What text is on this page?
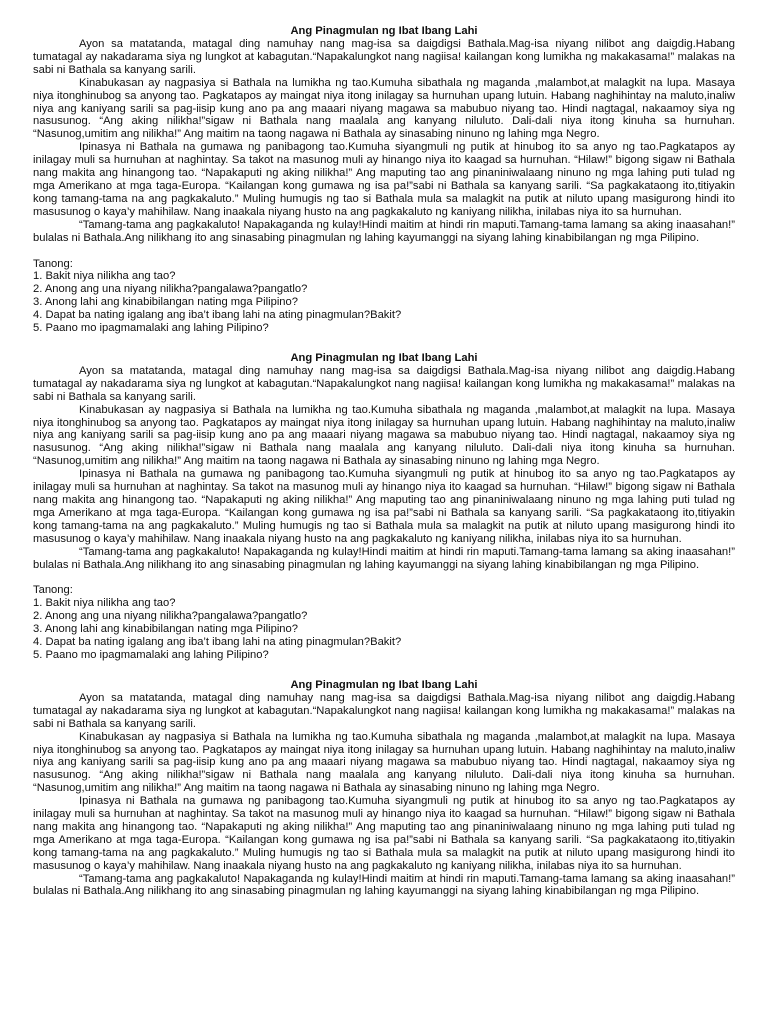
Ang Pinagmulan ng Ibat Ibang Lahi

Ayon sa matatanda, matagal ding namuhay nang mag-isa sa daigdigsi Bathala.Mag-isa niyang nilibot ang daigdig.Habang tumatagal ay nakadarama siya ng lungkot at kabagutan.“Napakalungkot nang nagiisa! kailangan kong lumikha ng makakasama!” malakas na sabi ni Bathala sa kanyang sarili.

Kinabukasan ay nagpasiya si Bathala na lumikha ng tao.Kumuha sibathala ng maganda ,malambot,at malagkit na lupa. Masaya niya itonghinubog sa anyong tao. Pagkatapos ay maingat niya itong inilagay sa hurnuhan upang lutuin. Habang naghihintay na maluto,inaliw niya ang kaniyang sarili sa pag-iisip kung ano pa ang maaari niyang magawa sa mabubuo niyang tao. Hindi nagtagal, nakaamoy siya ng nasusunog. “Ang aking nilikha!”sigaw ni Bathala nang maalala ang kanyang niluluto. Dali-dali niya itong kinuha sa hurnuhan. “Nasunog,umitim ang nilikha!” Ang maitim na taong nagawa ni Bathala ay sinasabing ninuno ng lahing mga Negro.

Ipinasya ni Bathala na gumawa ng panibagong tao.Kumuha siyangmuli ng putik at hinubog ito sa anyo ng tao.Pagkatapos ay inilagay muli sa hurnuhan at naghintay. Sa takot na masunog muli ay hinango niya ito kaagad sa hurnuhan. “Hilaw!” bigong sigaw ni Bathala nang makita ang hinangong tao. “Napakaputi ng aking nilikha!” Ang maputing tao ang pinaniniwalaang ninuno ng mga lahing puti tulad ng mga Amerikano at mga taga-Europa. “Kailangan kong gumawa ng isa pa!”sabi ni Bathala sa kanyang sarili. “Sa pagkakataong ito,titiyakin kong tamang-tama na ang pagkakaluto.” Muling humugis ng tao si Bathala mula sa malagkit na putik at niluto upang masigurong hindi ito masusunog o kaya’y mahihilaw. Nang inaakala niyang husto na ang pagkakaluto ng kaniyang nilikha, inilabas niya ito sa hurnuhan.

“Tamang-tama ang pagkakaluto! Napakaganda ng kulay!Hindi maitim at hindi rin maputi.Tamang-tama lamang sa aking inaasahan!” bulalas ni Bathala.Ang nilikhang ito ang sinasabing pinagmulan ng lahing kayumanggi na siyang lahing kinabibilangan ng mga Pilipino.

Tanong:

1. Bakit niya nilikha ang tao?
2. Anong ang una niyang nilikha?pangalawa?pangatlo?
3. Anong lahi ang kinabibilangan nating mga Pilipino?
4. Dapat ba nating igalang ang iba’t ibang lahi na ating pinagmulan?Bakit?
5. Paano mo ipagmamalaki ang lahing Pilipino?
Ang Pinagmulan ng Ibat Ibang Lahi

Ayon sa matatanda, matagal ding namuhay nang mag-isa sa daigdigsi Bathala.Mag-isa niyang nilibot ang daigdig.Habang tumatagal ay nakadarama siya ng lungkot at kabagutan.“Napakalungkot nang nagiisa! kailangan kong lumikha ng makakasama!” malakas na sabi ni Bathala sa kanyang sarili.

Kinabukasan ay nagpasiya si Bathala na lumikha ng tao.Kumuha sibathala ng maganda ,malambot,at malagkit na lupa. Masaya niya itonghinubog sa anyong tao. Pagkatapos ay maingat niya itong inilagay sa hurnuhan upang lutuin. Habang naghihintay na maluto,inaliw niya ang kaniyang sarili sa pag-iisip kung ano pa ang maaari niyang magawa sa mabubuo niyang tao. Hindi nagtagal, nakaamoy siya ng nasusunog. “Ang aking nilikha!”sigaw ni Bathala nang maalala ang kanyang niluluto. Dali-dali niya itong kinuha sa hurnuhan. “Nasunog,umitim ang nilikha!” Ang maitim na taong nagawa ni Bathala ay sinasabing ninuno ng lahing mga Negro.

Ipinasya ni Bathala na gumawa ng panibagong tao.Kumuha siyangmuli ng putik at hinubog ito sa anyo ng tao.Pagkatapos ay inilagay muli sa hurnuhan at naghintay. Sa takot na masunog muli ay hinango niya ito kaagad sa hurnuhan. “Hilaw!” bigong sigaw ni Bathala nang makita ang hinangong tao. “Napakaputi ng aking nilikha!” Ang maputing tao ang pinaniniwalaang ninuno ng mga lahing puti tulad ng mga Amerikano at mga taga-Europa. “Kailangan kong gumawa ng isa pa!”sabi ni Bathala sa kanyang sarili. “Sa pagkakataong ito,titiyakin kong tamang-tama na ang pagkakaluto.” Muling humugis ng tao si Bathala mula sa malagkit na putik at niluto upang masigurong hindi ito masusunog o kaya’y mahihilaw. Nang inaakala niyang husto na ang pagkakaluto ng kaniyang nilikha, inilabas niya ito sa hurnuhan.

“Tamang-tama ang pagkakaluto! Napakaganda ng kulay!Hindi maitim at hindi rin maputi.Tamang-tama lamang sa aking inaasahan!” bulalas ni Bathala.Ang nilikhang ito ang sinasabing pinagmulan ng lahing kayumanggi na siyang lahing kinabibilangan ng mga Pilipino.

Tanong:

1. Bakit niya nilikha ang tao?
2. Anong ang una niyang nilikha?pangalawa?pangatlo?
3. Anong lahi ang kinabibilangan nating mga Pilipino?
4. Dapat ba nating igalang ang iba’t ibang lahi na ating pinagmulan?Bakit?
5. Paano mo ipagmamalaki ang lahing Pilipino?
Ang Pinagmulan ng Ibat Ibang Lahi

Ayon sa matatanda, matagal ding namuhay nang mag-isa sa daigdigsi Bathala.Mag-isa niyang nilibot ang daigdig.Habang tumatagal ay nakadarama siya ng lungkot at kabagutan.“Napakalungkot nang nagiisa! kailangan kong lumikha ng makakasama!” malakas na sabi ni Bathala sa kanyang sarili.

Kinabukasan ay nagpasiya si Bathala na lumikha ng tao.Kumuha sibathala ng maganda ,malambot,at malagkit na lupa. Masaya niya itonghinubog sa anyong tao. Pagkatapos ay maingat niya itong inilagay sa hurnuhan upang lutuin. Habang naghihintay na maluto,inaliw niya ang kaniyang sarili sa pag-iisip kung ano pa ang maaari niyang magawa sa mabubuo niyang tao. Hindi nagtagal, nakaamoy siya ng nasusunog. “Ang aking nilikha!”sigaw ni Bathala nang maalala ang kanyang niluluto. Dali-dali niya itong kinuha sa hurnuhan. “Nasunog,umitim ang nilikha!” Ang maitim na taong nagawa ni Bathala ay sinasabing ninuno ng lahing mga Negro.

Ipinasya ni Bathala na gumawa ng panibagong tao.Kumuha siyangmuli ng putik at hinubog ito sa anyo ng tao.Pagkatapos ay inilagay muli sa hurnuhan at naghintay. Sa takot na masunog muli ay hinango niya ito kaagad sa hurnuhan. “Hilaw!” bigong sigaw ni Bathala nang makita ang hinangong tao. “Napakaputi ng aking nilikha!” Ang maputing tao ang pinaniniwalaang ninuno ng mga lahing puti tulad ng mga Amerikano at mga taga-Europa. “Kailangan kong gumawa ng isa pa!”sabi ni Bathala sa kanyang sarili. “Sa pagkakataong ito,titiyakin kong tamang-tama na ang pagkakaluto.” Muling humugis ng tao si Bathala mula sa malagkit na putik at niluto upang masigurong hindi ito masusunog o kaya’y mahihilaw. Nang inaakala niyang husto na ang pagkakaluto ng kaniyang nilikha, inilabas niya ito sa hurnuhan.

“Tamang-tama ang pagkakaluto! Napakaganda ng kulay!Hindi maitim at hindi rin maputi.Tamang-tama lamang sa aking inaasahan!” bulalas ni Bathala.Ang nilikhang ito ang sinasabing pinagmulan ng lahing kayumanggi na siyang lahing kinabibilangan ng mga Pilipino.
